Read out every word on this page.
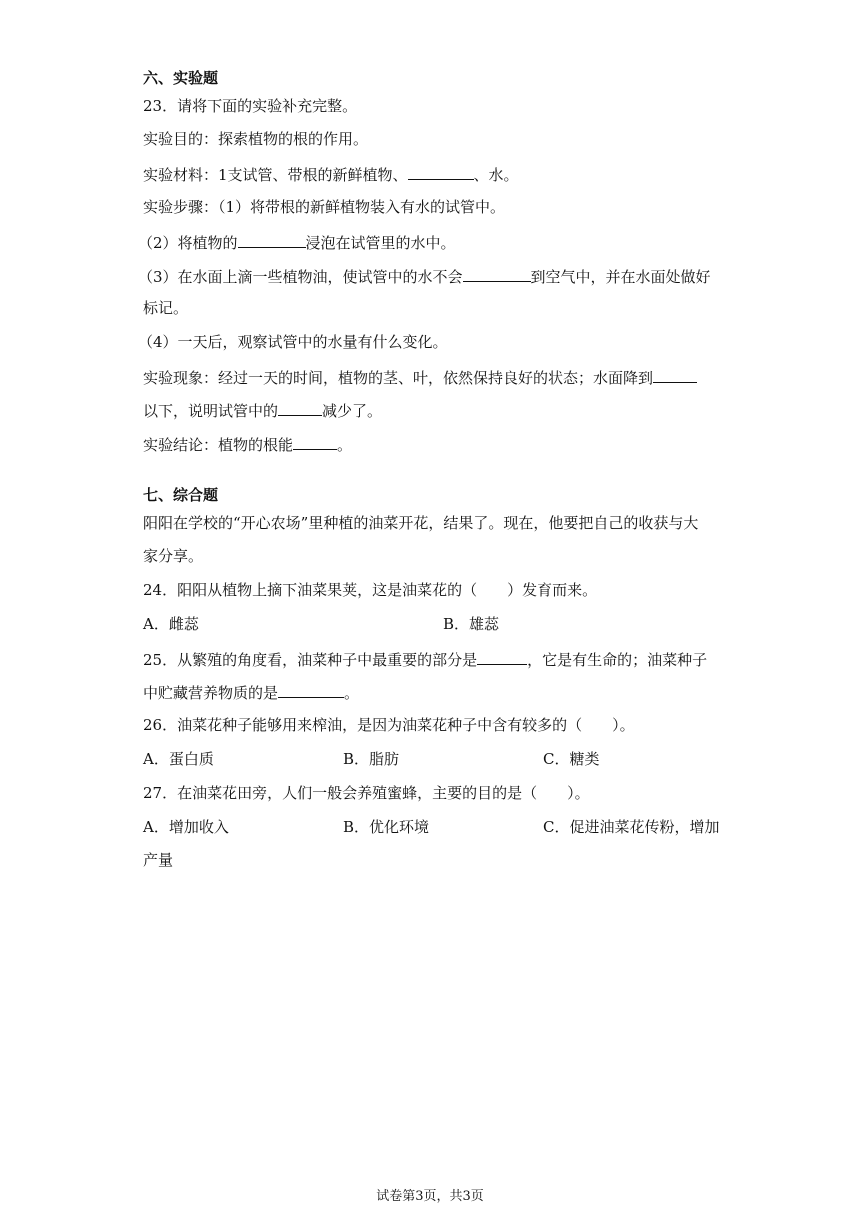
六、实验题
23．请将下面的实验补充完整。
实验目的：探索植物的根的作用。
实验材料：1支试管、带根的新鲜植物、	、水。
实验步骤：（1）将带根的新鲜植物装入有水的试管中。
（2）将植物的	浸泡在试管里的水中。
（3）在水面上滴一些植物油，使试管中的水不会	到空气中，并在水面处做好
标记。
（4）一天后，观察试管中的水量有什么变化。
实验现象：经过一天的时间，植物的茎、叶，依然保持良好的状态；水面降到
以下，说明试管中的	减少了。
实验结论：植物的根能	。
七、综合题
阳阳在学校的“开心农场”里种植的油菜开花，结果了。现在，他要把自己的收获与大
家分享。
24．阳阳从植物上摘下油菜果荚，这是油菜花的（　　）发育而来。
A．雌蕊	B．雄蕊
25．从繁殖的角度看，油菜种子中最重要的部分是	，它是有生命的；油菜种子
中贮藏营养物质的是	。
26．油菜花种子能够用来榨油，是因为油菜花种子中含有较多的（　　）。
A．蛋白质	B．脂肪	C．糖类
27．在油菜花田旁，人们一般会养殖蜜蜂，主要的目的是（　　）。
A．增加收入	B．优化环境	C．促进油菜花传粉，增加
产量
试卷第3页，共3页
